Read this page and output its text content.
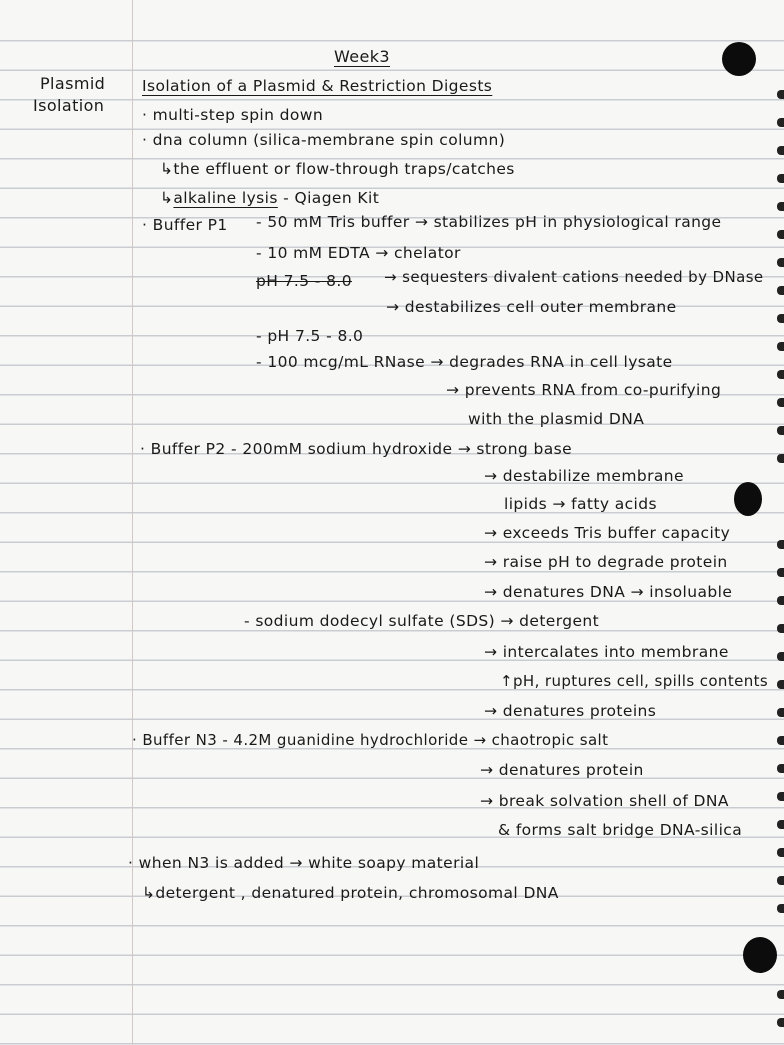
Week3
Plasmid
Isolation
Isolation of a Plasmid & Restriction Digests
· multi-step spin down
· dna column (silica-membrane spin column)
↳the effluent or flow-through traps/catches
↳alkaline lysis - Qiagen Kit
· Buffer P1 - 50 mM Tris buffer → stabilizes pH in physiological range
- 10 mM EDTA → chelator
pH 7.5 - 8.0 → sequesters divalent cations needed by DNase
→ destabilizes cell outer membrane
- pH 7.5 - 8.0
- 100 mcg/mL RNase → degrades RNA in cell lysate
→ prevents RNA from co-purifying
with the plasmid DNA
· Buffer P2 - 200mM sodium hydroxide → strong base
→ destabilize membrane
lipids → fatty acids
→ exceeds Tris buffer capacity
→ raise pH to degrade protein
→ denatures DNA → insoluable
- sodium dodecyl sulfate (SDS) → detergent
→ intercalates into membrane
↑pH, ruptures cell, spills contents
→ denatures proteins
· Buffer N3 - 4.2M guanidine hydrochloride → chaotropic salt
→ denatures protein
→ break solvation shell of DNA
& forms salt bridge DNA-silica
· when N3 is added → white soapy material
↳detergent , denatured protein, chromosomal DNA
